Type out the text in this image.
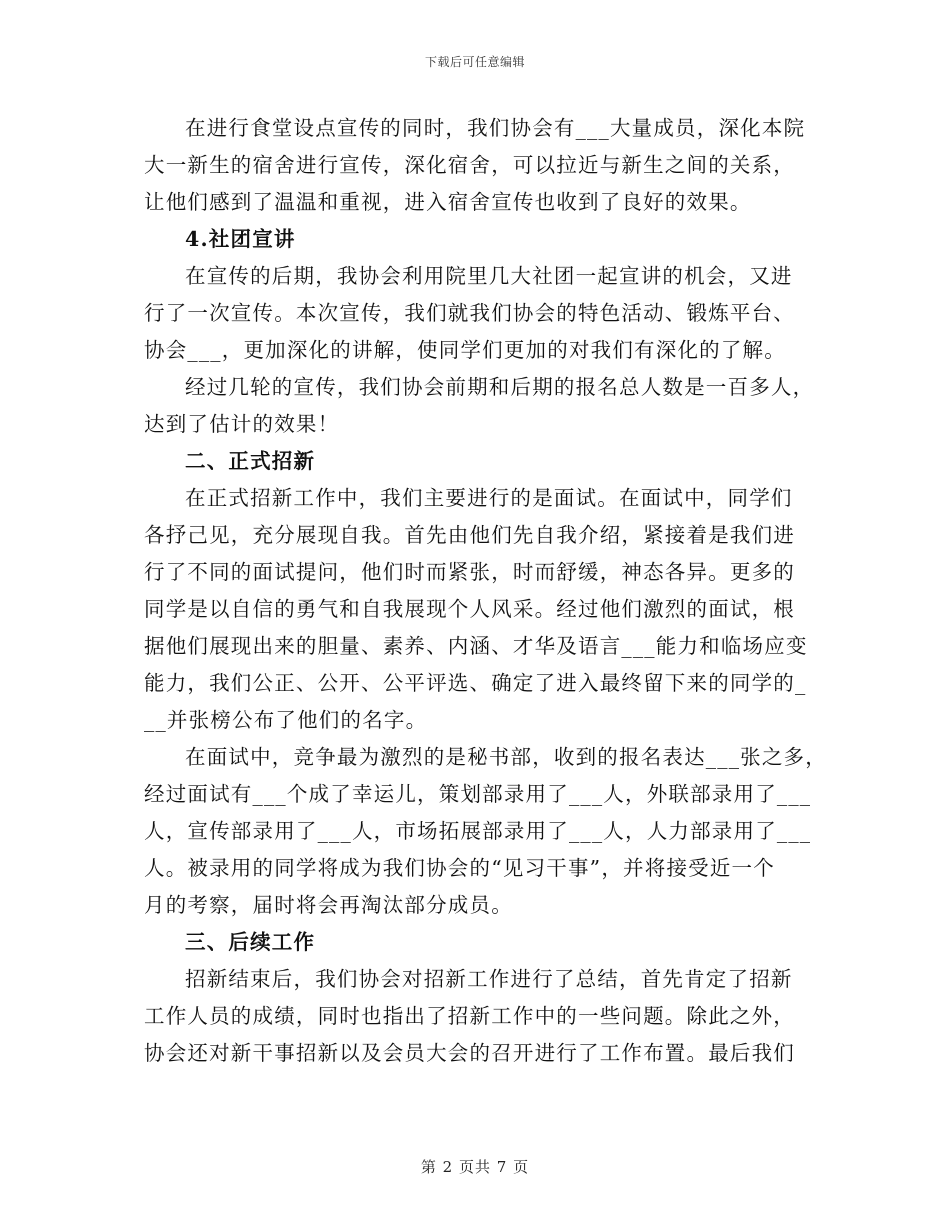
下载后可任意编辑
在进行食堂设点宣传的同时，我们协会有___大量成员，深化本院
大一新生的宿舍进行宣传，深化宿舍，可以拉近与新生之间的关系，
让他们感到了温温和重视，进入宿舍宣传也收到了良好的效果。
4.社团宣讲
在宣传的后期，我协会利用院里几大社团一起宣讲的机会，又进
行了一次宣传。本次宣传，我们就我们协会的特色活动、锻炼平台、
协会___，更加深化的讲解，使同学们更加的对我们有深化的了解。
经过几轮的宣传，我们协会前期和后期的报名总人数是一百多人，
达到了估计的效果！
二、正式招新
在正式招新工作中，我们主要进行的是面试。在面试中，同学们
各抒己见，充分展现自我。首先由他们先自我介绍，紧接着是我们进
行了不同的面试提问，他们时而紧张，时而舒缓，神态各异。更多的
同学是以自信的勇气和自我展现个人风采。经过他们激烈的面试，根
据他们展现出来的胆量、素养、内涵、才华及语言___能力和临场应变
能力，我们公正、公开、公平评选、确定了进入最终留下来的同学的_
__并张榜公布了他们的名字。
在面试中，竞争最为激烈的是秘书部，收到的报名表达___张之多，
经过面试有___个成了幸运儿，策划部录用了___人，外联部录用了___
人，宣传部录用了___人，市场拓展部录用了___人，人力部录用了___
人。被录用的同学将成为我们协会的“见习干事”，并将接受近一个
月的考察，届时将会再淘汰部分成员。
三、后续工作
招新结束后，我们协会对招新工作进行了总结，首先肯定了招新
工作人员的成绩，同时也指出了招新工作中的一些问题。除此之外，
协会还对新干事招新以及会员大会的召开进行了工作布置。最后我们
第 2 页共 7 页
